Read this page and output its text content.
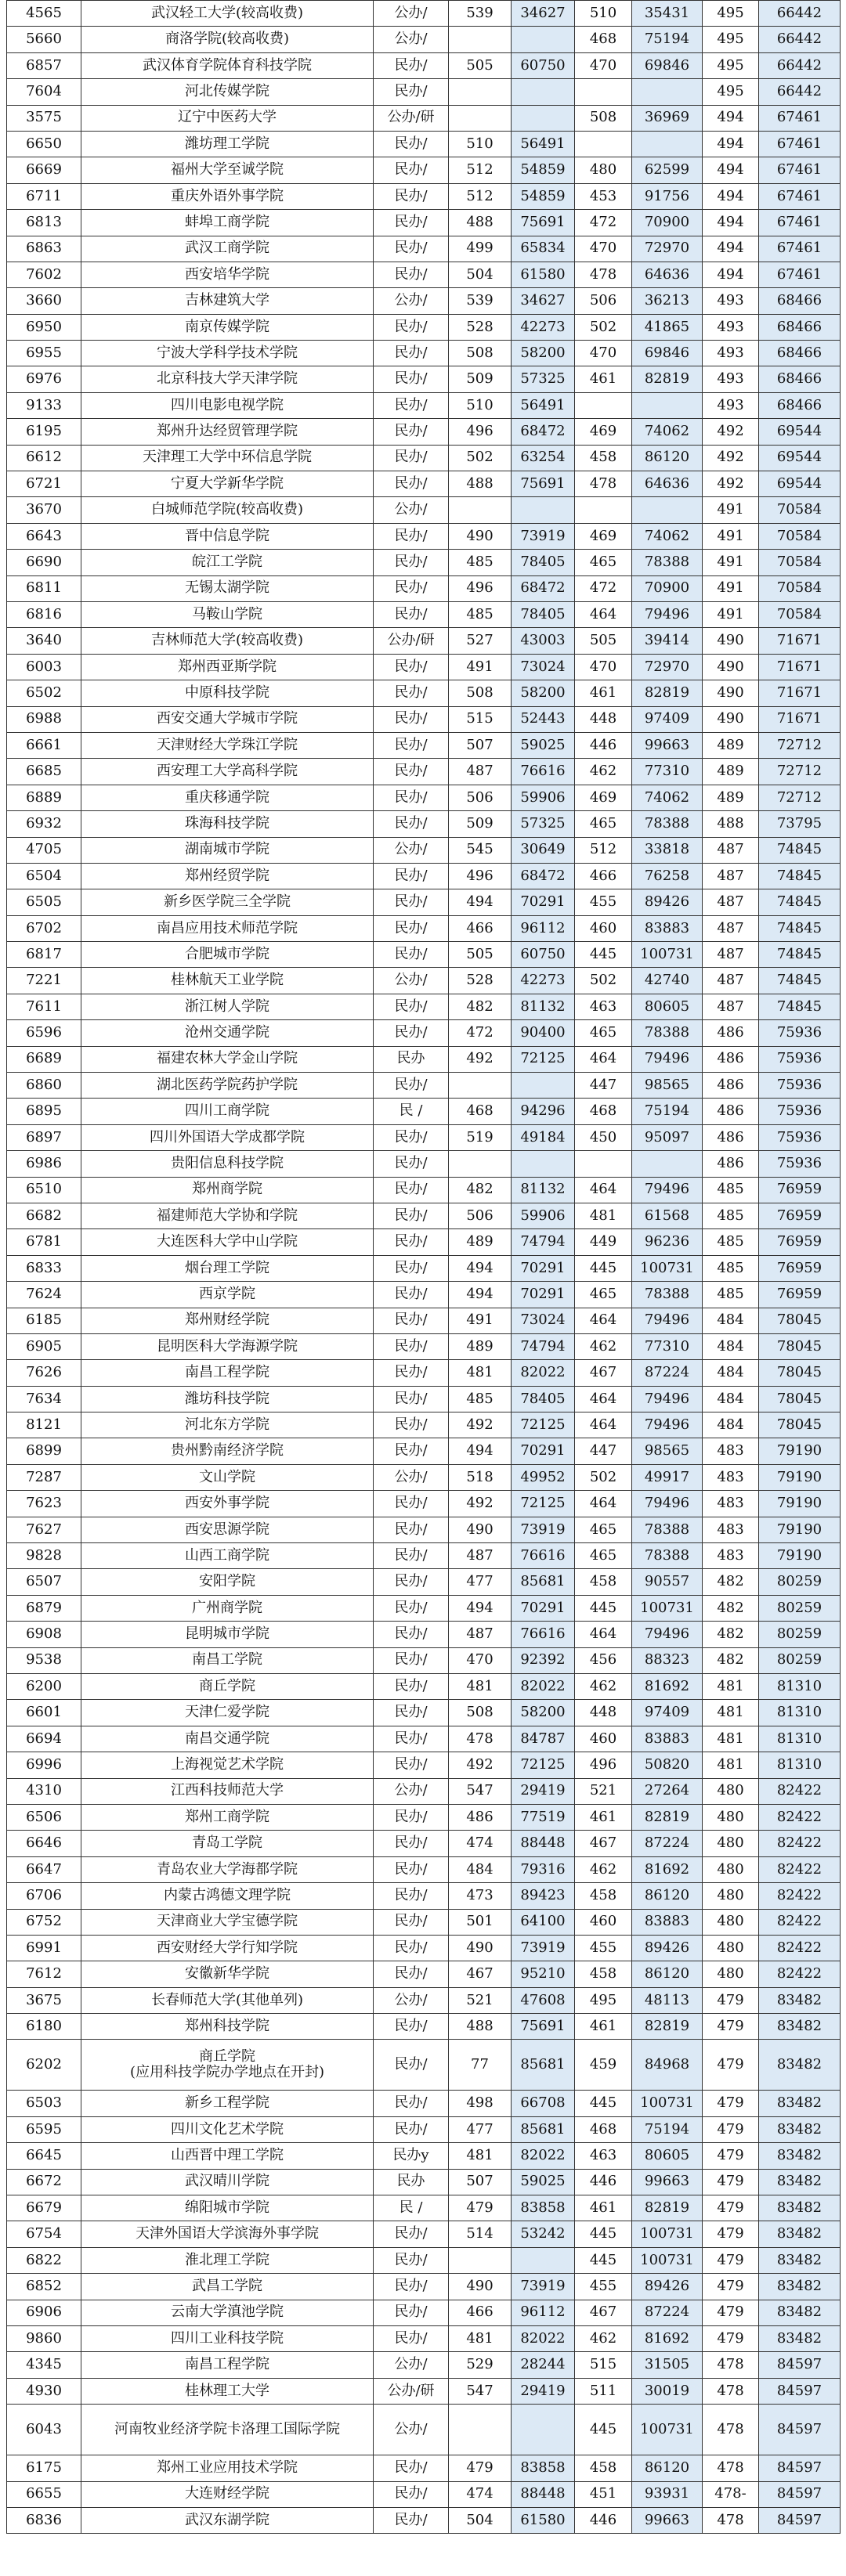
4565	武汉轻工大学(较高收费)	公办/	539	34627	510	35431	495	66442
5660	商洛学院(较高收费)	公办/			468	75194	495	66442
6857	武汉体育学院体育科技学院	民办/	505	60750	470	69846	495	66442
7604	河北传媒学院	民办/					495	66442
3575	辽宁中医药大学	公办/研			508	36969	494	67461
6650	潍坊理工学院	民办/	510	56491			494	67461
6669	福州大学至诚学院	民办/	512	54859	480	62599	494	67461
6711	重庆外语外事学院	民办/	512	54859	453	91756	494	67461
6813	蚌埠工商学院	民办/	488	75691	472	70900	494	67461
6863	武汉工商学院	民办/	499	65834	470	72970	494	67461
7602	西安培华学院	民办/	504	61580	478	64636	494	67461
3660	吉林建筑大学	公办/	539	34627	506	36213	493	68466
6950	南京传媒学院	民办/	528	42273	502	41865	493	68466
6955	宁波大学科学技术学院	民办/	508	58200	470	69846	493	68466
6976	北京科技大学天津学院	民办/	509	57325	461	82819	493	68466
9133	四川电影电视学院	民办/	510	56491			493	68466
6195	郑州升达经贸管理学院	民办/	496	68472	469	74062	492	69544
6612	天津理工大学中环信息学院	民办/	502	63254	458	86120	492	69544
6721	宁夏大学新华学院	民办/	488	75691	478	64636	492	69544
3670	白城师范学院(较高收费)	公办/					491	70584
6643	晋中信息学院	民办/	490	73919	469	74062	491	70584
6690	皖江工学院	民办/	485	78405	465	78388	491	70584
6811	无锡太湖学院	民办/	496	68472	472	70900	491	70584
6816	马鞍山学院	民办/	485	78405	464	79496	491	70584
3640	吉林师范大学(较高收费)	公办/研	527	43003	505	39414	490	71671
6003	郑州西亚斯学院	民办/	491	73024	470	72970	490	71671
6502	中原科技学院	民办/	508	58200	461	82819	490	71671
6988	西安交通大学城市学院	民办/	515	52443	448	97409	490	71671
6661	天津财经大学珠江学院	民办/	507	59025	446	99663	489	72712
6685	西安理工大学高科学院	民办/	487	76616	462	77310	489	72712
6889	重庆移通学院	民办/	506	59906	469	74062	489	72712
6932	珠海科技学院	民办/	509	57325	465	78388	488	73795
4705	湖南城市学院	公办/	545	30649	512	33818	487	74845
6504	郑州经贸学院	民办/	496	68472	466	76258	487	74845
6505	新乡医学院三全学院	民办/	494	70291	455	89426	487	74845
6702	南昌应用技术师范学院	民办/	466	96112	460	83883	487	74845
6817	合肥城市学院	民办/	505	60750	445	100731	487	74845
7221	桂林航天工业学院	公办/	528	42273	502	42740	487	74845
7611	浙江树人学院	民办/	482	81132	463	80605	487	74845
6596	沧州交通学院	民办/	472	90400	465	78388	486	75936
6689	福建农林大学金山学院	民办	492	72125	464	79496	486	75936
6860	湖北医药学院药护学院	民办/			447	98565	486	75936
6895	四川工商学院	民 /	468	94296	468	75194	486	75936
6897	四川外国语大学成都学院	民办/	519	49184	450	95097	486	75936
6986	贵阳信息科技学院	民办/					486	75936
6510	郑州商学院	民办/	482	81132	464	79496	485	76959
6682	福建师范大学协和学院	民办/	506	59906	481	61568	485	76959
6781	大连医科大学中山学院	民办/	489	74794	449	96236	485	76959
6833	烟台理工学院	民办/	494	70291	445	100731	485	76959
7624	西京学院	民办/	494	70291	465	78388	485	76959
6185	郑州财经学院	民办/	491	73024	464	79496	484	78045
6905	昆明医科大学海源学院	民办/	489	74794	462	77310	484	78045
7626	南昌工程学院	民办/	481	82022	467	87224	484	78045
7634	潍坊科技学院	民办/	485	78405	464	79496	484	78045
8121	河北东方学院	民办/	492	72125	464	79496	484	78045
6899	贵州黔南经济学院	民办/	494	70291	447	98565	483	79190
7287	文山学院	公办/	518	49952	502	49917	483	79190
7623	西安外事学院	民办/	492	72125	464	79496	483	79190
7627	西安思源学院	民办/	490	73919	465	78388	483	79190
9828	山西工商学院	民办/	487	76616	465	78388	483	79190
6507	安阳学院	民办/	477	85681	458	90557	482	80259
6879	广州商学院	民办/	494	70291	445	100731	482	80259
6908	昆明城市学院	民办/	487	76616	464	79496	482	80259
9538	南昌工学院	民办/	470	92392	456	88323	482	80259
6200	商丘学院	民办/	481	82022	462	81692	481	81310
6601	天津仁爱学院	民办/	508	58200	448	97409	481	81310
6694	南昌交通学院	民办/	478	84787	460	83883	481	81310
6996	上海视觉艺术学院	民办/	492	72125	496	50820	481	81310
4310	江西科技师范大学	公办/	547	29419	521	27264	480	82422
6506	郑州工商学院	民办/	486	77519	461	82819	480	82422
6646	青岛工学院	民办/	474	88448	467	87224	480	82422
6647	青岛农业大学海都学院	民办/	484	79316	462	81692	480	82422
6706	内蒙古鸿德文理学院	民办/	473	89423	458	86120	480	82422
6752	天津商业大学宝德学院	民办/	501	64100	460	83883	480	82422
6991	西安财经大学行知学院	民办/	490	73919	455	89426	480	82422
7612	安徽新华学院	民办/	467	95210	458	86120	480	82422
3675	长春师范大学(其他单列)	公办/	521	47608	495	48113	479	83482
6180	郑州科技学院	民办/	488	75691	461	82819	479	83482
6202	商丘学院
(应用科技学院办学地点在开封)	民办/	77	85681	459	84968	479	83482
6503	新乡工程学院	民办/	498	66708	445	100731	479	83482
6595	四川文化艺术学院	民办/	477	85681	468	75194	479	83482
6645	山西晋中理工学院	民办y	481	82022	463	80605	479	83482
6672	武汉晴川学院	民办	507	59025	446	99663	479	83482
6679	绵阳城市学院	民 /	479	83858	461	82819	479	83482
6754	天津外国语大学滨海外事学院	民办/	514	53242	445	100731	479	83482
6822	淮北理工学院	民办/			445	100731	479	83482
6852	武昌工学院	民办/	490	73919	455	89426	479	83482
6906	云南大学滇池学院	民办/	466	96112	467	87224	479	83482
9860	四川工业科技学院	民办/	481	82022	462	81692	479	83482
4345	南昌工程学院	公办/	529	28244	515	31505	478	84597
4930	桂林理工大学	公办/研	547	29419	511	30019	478	84597
6043	河南牧业经济学院卡洛理工国际学院	公办/			445	100731	478	84597
6175	郑州工业应用技术学院	民办/	479	83858	458	86120	478	84597
6655	大连财经学院	民办/	474	88448	451	93931	478-	84597
6836	武汉东湖学院	民办/	504	61580	446	99663	478	84597
